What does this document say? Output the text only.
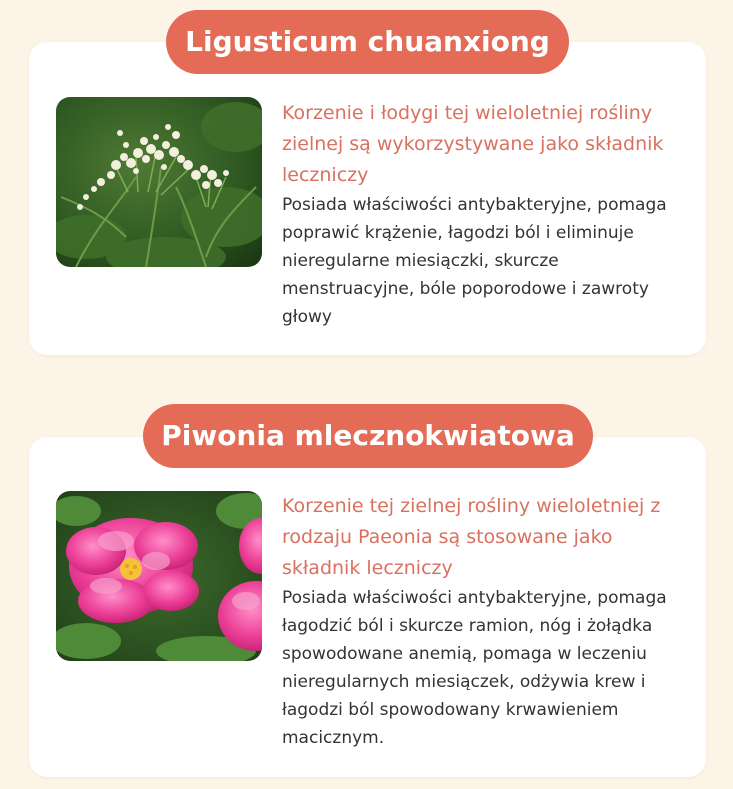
Korzenie i łodygi tej wieloletniej rośliny zielnej są wykorzystywane jako składnik leczniczy

Posiada właściwości antybakteryjne, pomaga poprawić krążenie, łagodzi ból i eliminuje nieregularne miesiączki, skurcze menstruacyjne, bóle poporodowe i zawroty głowy

Ligusticum chuanxiong

Korzenie tej zielnej rośliny wieloletniej z rodzaju Paeonia są stosowane jako składnik leczniczy

Posiada właściwości antybakteryjne, pomaga łagodzić ból i skurcze ramion, nóg i żołądka spowodowane anemią, pomaga w leczeniu nieregularnych miesiączek, odżywia krew i łagodzi ból spowodowany krwawieniem macicznym.

Piwonia mlecznokwiatowa
